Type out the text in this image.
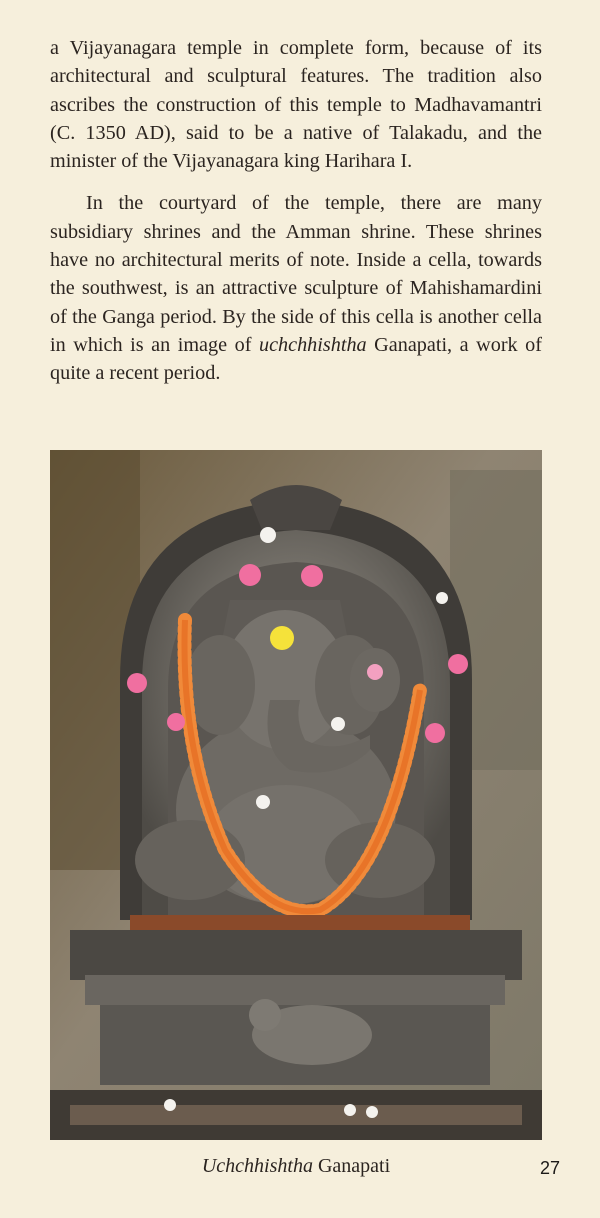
a Vijayanagara temple in complete form, because of its architectural and sculptural features. The tradition also ascribes the construction of this temple to Madhavamantri (C. 1350 AD), said to be a native of Talakadu, and the minister of the Vijayanagara king Harihara I.

In the courtyard of the temple, there are many subsidiary shrines and the Amman shrine. These shrines have no architectural merits of note. Inside a cella, towards the southwest, is an attractive sculpture of Mahishamardini of the Ganga period. By the side of this cella is another cella in which is an image of uchchhishtha Ganapati, a work of quite a recent period.

Uchchhishtha Ganapati	27
